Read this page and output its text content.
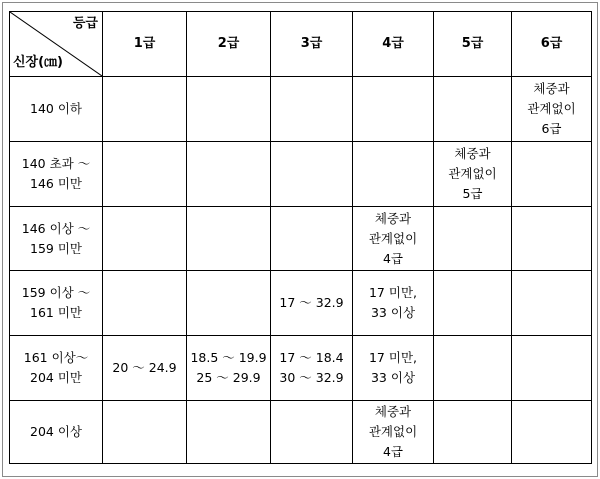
등급
신장(㎝)	1급	2급	3급	4급	5급	6급

140 이하						체중과
관계없이
6급

140 초과 ～
146 미만					체중과
관계없이
5급	

146 이상 ～
159 미만				체중과
관계없이
4급		

159 이상 ～
161 미만			17 ～ 32.9	17 미만,
33 이상		

161 이상～
204 미만	20 ～ 24.9	18.5 ～ 19.9
25 ～ 29.9	17 ～ 18.4
30 ～ 32.9	17 미만,
33 이상		

204 이상				체중과
관계없이
4급		
